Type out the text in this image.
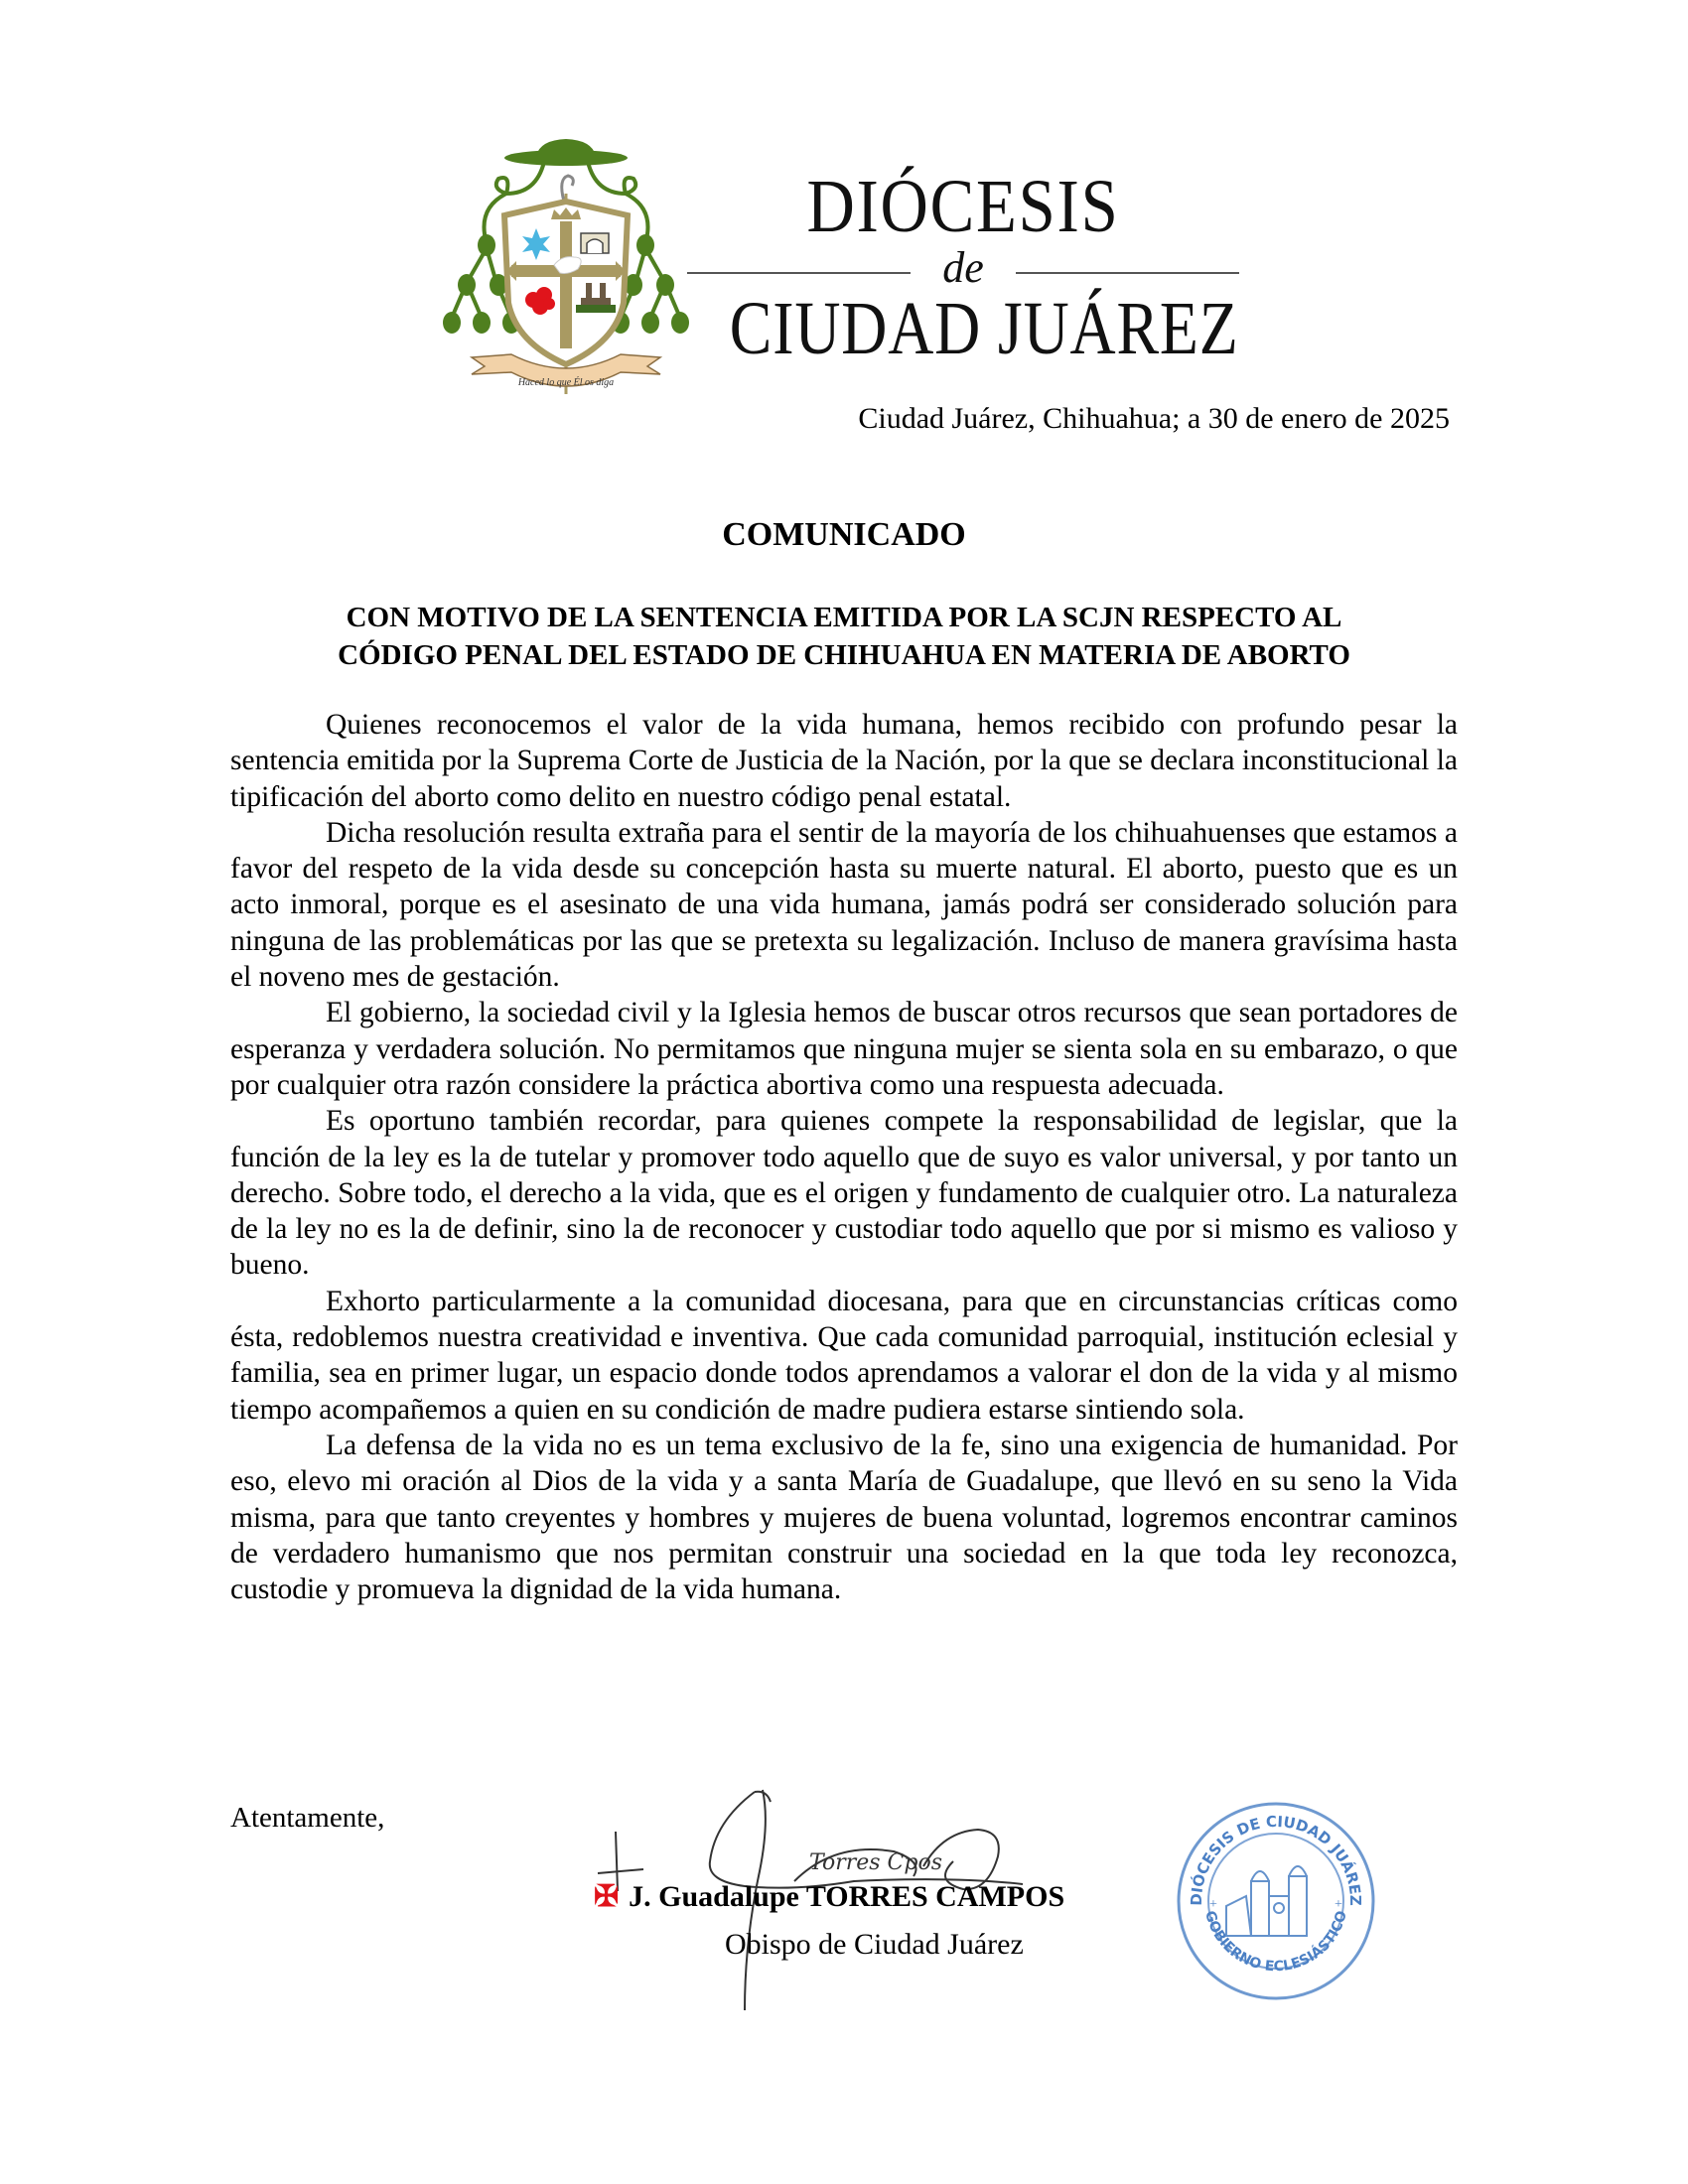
Haced lo que Él os diga
DIÓCESIS
de
CIUDAD JUÁREZ
Ciudad Juárez, Chihuahua; a 30 de enero de 2025
COMUNICADO
CON MOTIVO DE LA SENTENCIA EMITIDA POR LA SCJN RESPECTO AL
CÓDIGO PENAL DEL ESTADO DE CHIHUAHUA EN MATERIA DE ABORTO

Quienes reconocemos el valor de la vida humana, hemos recibido con profundo pesar la sentencia emitida por la Suprema Corte de Justicia de la Nación, por la que se declara inconstitucional la tipificación del aborto como delito en nuestro código penal estatal.

Dicha resolución resulta extraña para el sentir de la mayoría de los chihuahuenses que estamos a favor del respeto de la vida desde su concepción hasta su muerte natural. El aborto, puesto que es un acto inmoral, porque es el asesinato de una vida humana, jamás podrá ser considerado solución para ninguna de las problemáticas por las que se pretexta su legalización. Incluso de manera gravísima hasta el noveno mes de gestación.

El gobierno, la sociedad civil y la Iglesia hemos de buscar otros recursos que sean portadores de esperanza y verdadera solución. No permitamos que ninguna mujer se sienta sola en su embarazo, o que por cualquier otra razón considere la práctica abortiva como una respuesta adecuada.

Es oportuno también recordar, para quienes compete la responsabilidad de legislar, que la función de la ley es la de tutelar y promover todo aquello que de suyo es valor universal, y por tanto un derecho. Sobre todo, el derecho a la vida, que es el origen y fundamento de cualquier otro. La naturaleza de la ley no es la de definir, sino la de reconocer y custodiar todo aquello que por si mismo es valioso y bueno.

Exhorto particularmente a la comunidad diocesana, para que en circunstancias críticas como ésta, redoblemos nuestra creatividad e inventiva. Que cada comunidad parroquial, institución eclesial y familia, sea en primer lugar, un espacio donde todos aprendamos a valorar el don de la vida y al mismo tiempo acompañemos a quien en su condición de madre pudiera estarse sintiendo sola.

La defensa de la vida no es un tema exclusivo de la fe, sino una exigencia de humanidad. Por eso, elevo mi oración al Dios de la vida y a santa María de Guadalupe, que llevó en su seno la Vida misma, para que tanto creyentes y hombres y mujeres de buena voluntad, logremos encontrar caminos de verdadero humanismo que nos permitan construir una sociedad en la que toda ley reconozca, custodie y promueva la dignidad de la vida humana.

Atentamente,
Torres Cpos
✠ J. Guadalupe TORRES CAMPOS
Obispo de Ciudad Juárez
DIÓCESIS DE CIUDAD JUÁREZ
GOBIERNO ECLESIÁSTICO
+	+
